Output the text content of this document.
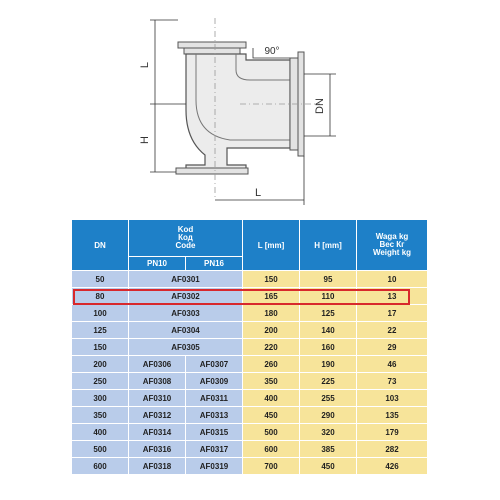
L
H
L
DN
90°
DN	Kod
Код
Code		L [mm]	H [mm]	Waga kg
Вес Кг
Weight kg

	PN10	PN16			
50	AF0301		150	95	10
80	AF0302		165	110	13
100	AF0303		180	125	17
125	AF0304		200	140	22
150	AF0305		220	160	29
200	AF0306	AF0307	260	190	46
250	AF0308	AF0309	350	225	73
300	AF0310	AF0311	400	255	103
350	AF0312	AF0313	450	290	135
400	AF0314	AF0315	500	320	179
500	AF0316	AF0317	600	385	282
600	AF0318	AF0319	700	450	426
